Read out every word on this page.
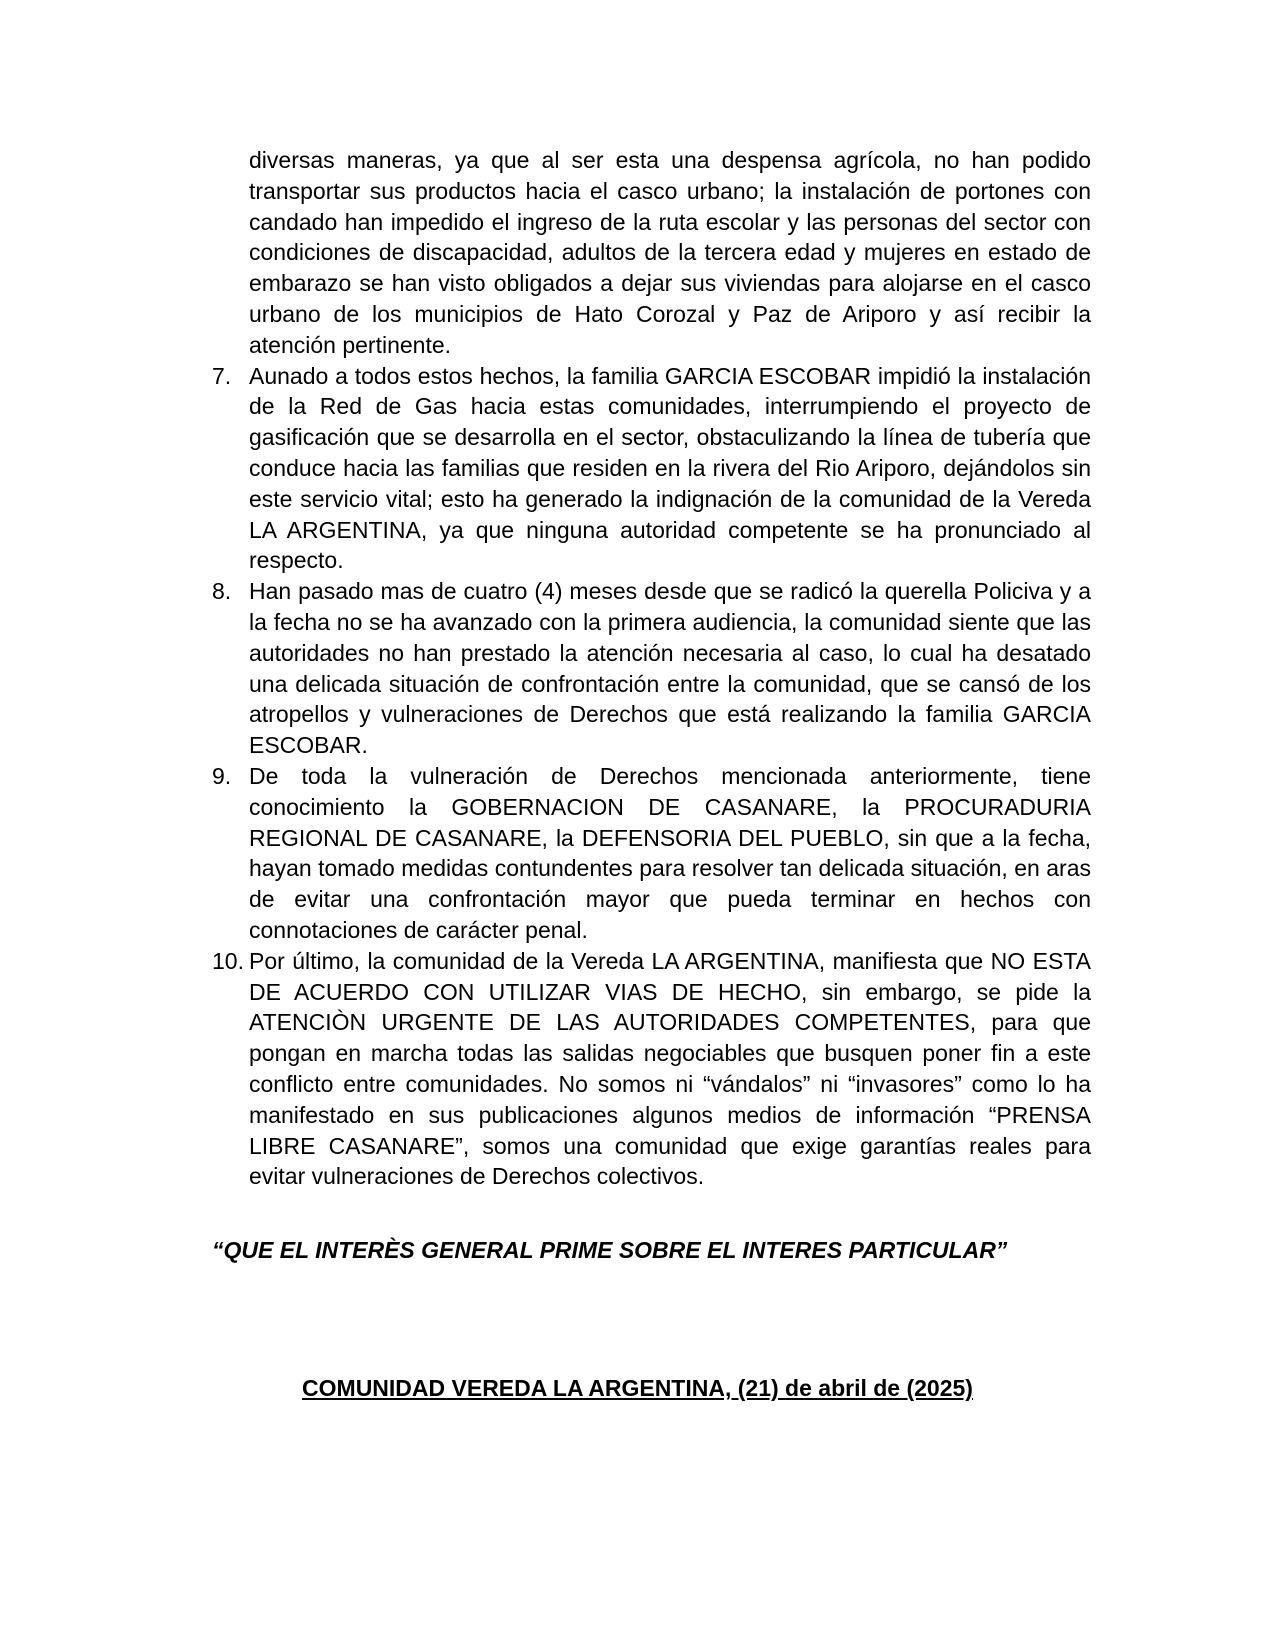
diversas maneras, ya que al ser esta una despensa agrícola, no han podido transportar sus productos hacia el casco urbano; la instalación de portones con candado han impedido el ingreso de la ruta escolar y las personas del sector con condiciones de discapacidad, adultos de la tercera edad y mujeres en estado de embarazo se han visto obligados a dejar sus viviendas para alojarse en el casco urbano de los municipios de Hato Corozal y Paz de Ariporo y así recibir la atención pertinente.
7. Aunado a todos estos hechos, la familia GARCIA ESCOBAR impidió la instalación de la Red de Gas hacia estas comunidades, interrumpiendo el proyecto de gasificación que se desarrolla en el sector, obstaculizando la línea de tubería que conduce hacia las familias que residen en la rivera del Rio Ariporo, dejándolos sin este servicio vital; esto ha generado la indignación de la comunidad de la Vereda LA ARGENTINA, ya que ninguna autoridad competente se ha pronunciado al respecto.
8. Han pasado mas de cuatro (4) meses desde que se radicó la querella Policiva y a la fecha no se ha avanzado con la primera audiencia, la comunidad siente que las autoridades no han prestado la atención necesaria al caso, lo cual ha desatado una delicada situación de confrontación entre la comunidad, que se cansó de los atropellos y vulneraciones de Derechos que está realizando la familia GARCIA ESCOBAR.
9. De toda la vulneración de Derechos mencionada anteriormente, tiene conocimiento la GOBERNACION DE CASANARE, la PROCURADURIA REGIONAL DE CASANARE, la DEFENSORIA DEL PUEBLO, sin que a la fecha, hayan tomado medidas contundentes para resolver tan delicada situación, en aras de evitar una confrontación mayor que pueda terminar en hechos con connotaciones de carácter penal.
10. Por último, la comunidad de la Vereda LA ARGENTINA, manifiesta que NO ESTA DE ACUERDO CON UTILIZAR VIAS DE HECHO, sin embargo, se pide la ATENCIÒN URGENTE DE LAS AUTORIDADES COMPETENTES, para que pongan en marcha todas las salidas negociables que busquen poner fin a este conflicto entre comunidades. No somos ni “vándalos” ni “invasores” como lo ha manifestado en sus publicaciones algunos medios de información “PRENSA LIBRE CASANARE”, somos una comunidad que exige garantías reales para evitar vulneraciones de Derechos colectivos.
“QUE EL INTERÈS GENERAL PRIME SOBRE EL INTERES PARTICULAR”
COMUNIDAD VEREDA LA ARGENTINA, (21) de abril de (2025)
